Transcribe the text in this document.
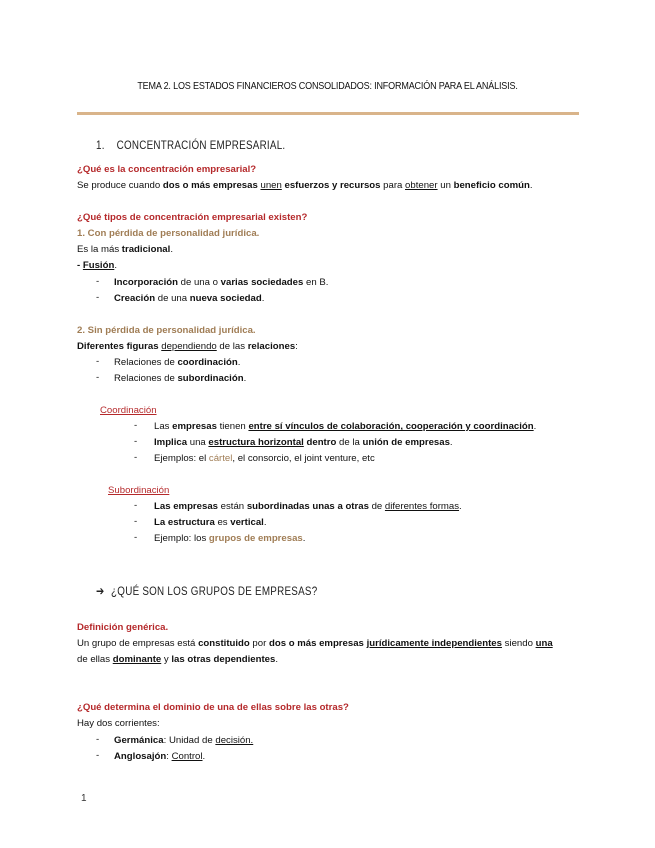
TEMA 2. LOS ESTADOS FINANCIEROS CONSOLIDADOS: INFORMACIÓN PARA EL ANÁLISIS.
1. CONCENTRACIÓN EMPRESARIAL.
¿Qué es la concentración empresarial?
Se produce cuando dos o más empresas unen esfuerzos y recursos para obtener un beneficio común.
¿Qué tipos de concentración empresarial existen?
1. Con pérdida de personalidad jurídica.
Es la más tradicional.
- Fusión.
- Incorporación de una o varias sociedades en B.
- Creación de una nueva sociedad.
2. Sin pérdida de personalidad jurídica.
Diferentes figuras dependiendo de las relaciones:
- Relaciones de coordinación.
- Relaciones de subordinación.
Coordinación
- Las empresas tienen entre sí vínculos de colaboración, cooperación y coordinación.
- Implica una estructura horizontal dentro de la unión de empresas.
- Ejemplos: el cártel, el consorcio, el joint venture, etc
Subordinación
- Las empresas están subordinadas unas a otras de diferentes formas.
- La estructura es vertical.
- Ejemplo: los grupos de empresas.
➔ ¿QUÉ SON LOS GRUPOS DE EMPRESAS?
Definición genérica.
Un grupo de empresas está constituido por dos o más empresas jurídicamente independientes siendo una
de ellas dominante y las otras dependientes.
¿Qué determina el dominio de una de ellas sobre las otras?
Hay dos corrientes:
- Germánica: Unidad de decisión.
- Anglosajón: Control.
1
